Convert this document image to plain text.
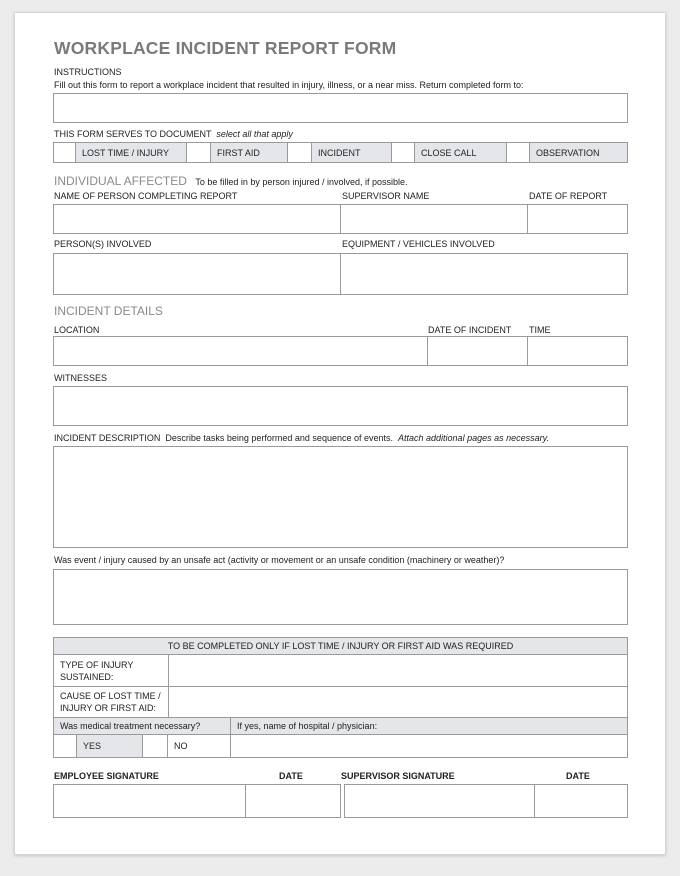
WORKPLACE INCIDENT REPORT FORM
INSTRUCTIONS
Fill out this form to report a workplace incident that resulted in injury, illness, or a near miss. Return completed form to:
THIS FORM SERVES TO DOCUMENT select all that apply
LOST TIME / INJURY	FIRST AID	INCIDENT	CLOSE CALL	OBSERVATION
INDIVIDUAL AFFECTED To be filled in by person injured / involved, if possible.
NAME OF PERSON COMPLETING REPORT	SUPERVISOR NAME	DATE OF REPORT
PERSON(S) INVOLVED	EQUIPMENT / VEHICLES INVOLVED
INCIDENT DETAILS
LOCATION	DATE OF INCIDENT TIME
WITNESSES
INCIDENT DESCRIPTION Describe tasks being performed and sequence of events. Attach additional pages as necessary.
Was event / injury caused by an unsafe act (activity or movement or an unsafe condition (machinery or weather)?
TO BE COMPLETED ONLY IF LOST TIME / INJURY OR FIRST AID WAS REQUIRED
TYPE OF INJURY
SUSTAINED:
CAUSE OF LOST TIME /
INJURY OR FIRST AID:
Was medical treatment necessary?	If yes, name of hospital / physician:
YES	NO
EMPLOYEE SIGNATURE	DATE	SUPERVISOR SIGNATURE	DATE
